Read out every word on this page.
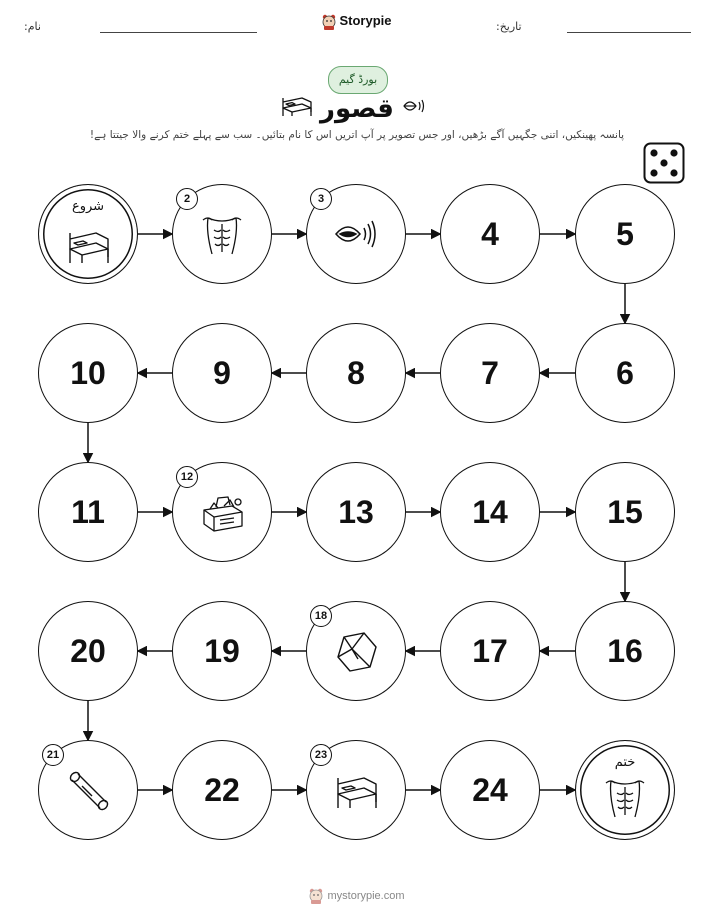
نام:	Storypie	تاریخ:
بورڈ گیم
قصور
پانسہ پھینکیں، اتنی جگہیں آگے بڑھیں، اور جس تصویر پر آپ اتریں اس کا نام بتائیں۔ سب سے پہلے ختم کرنے والا جیتتا ہے!
شروع	2	3
4	5
6
7
8
9
10
11
12
13	14	15
16
17
18
19
20
21
22
23
24
ختم
mystorypie.com
